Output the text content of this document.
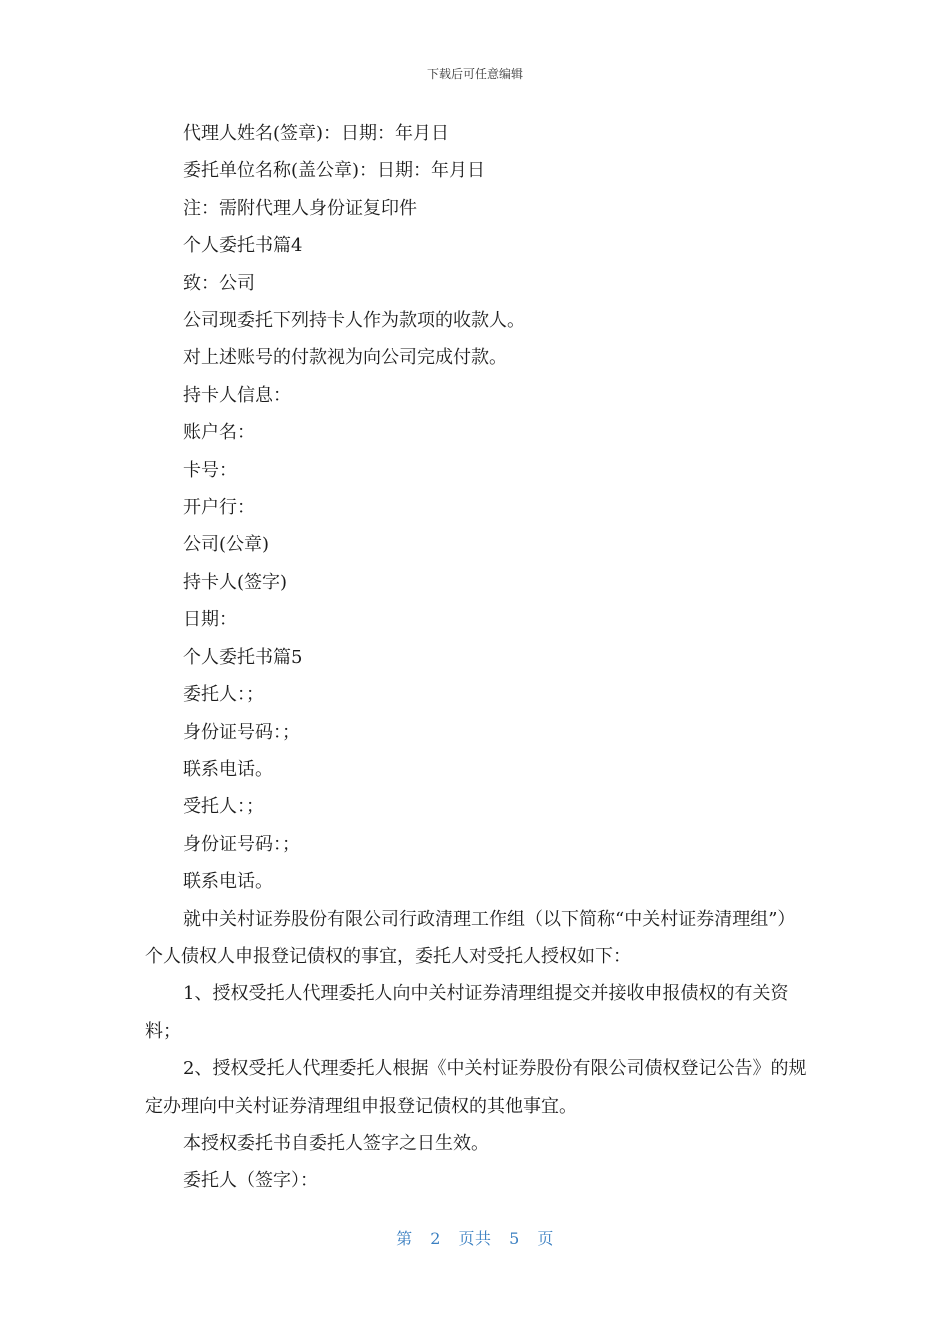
下载后可任意编辑

代理人姓名(签章)：日期：年月日

委托单位名称(盖公章)：日期：年月日

注：需附代理人身份证复印件

个人委托书篇4

致：公司

公司现委托下列持卡人作为款项的收款人。

对上述账号的付款视为向公司完成付款。

持卡人信息：

账户名：

卡号：

开户行：

公司(公章)

持卡人(签字)

日期：

个人委托书篇5

委托人：；

身份证号码：；

联系电话。

受托人：；

身份证号码：；

联系电话。

就中关村证券股份有限公司行政清理工作组（以下简称“中关村证券清理组”）个人债权人申报登记债权的事宜，委托人对受托人授权如下：

1、授权受托人代理委托人向中关村证券清理组提交并接收申报债权的有关资料；

2、授权受托人代理委托人根据《中关村证券股份有限公司债权登记公告》的规定办理向中关村证券清理组申报登记债权的其他事宜。

本授权委托书自委托人签字之日生效。

委托人（签字）：

第 2 页共 5 页
